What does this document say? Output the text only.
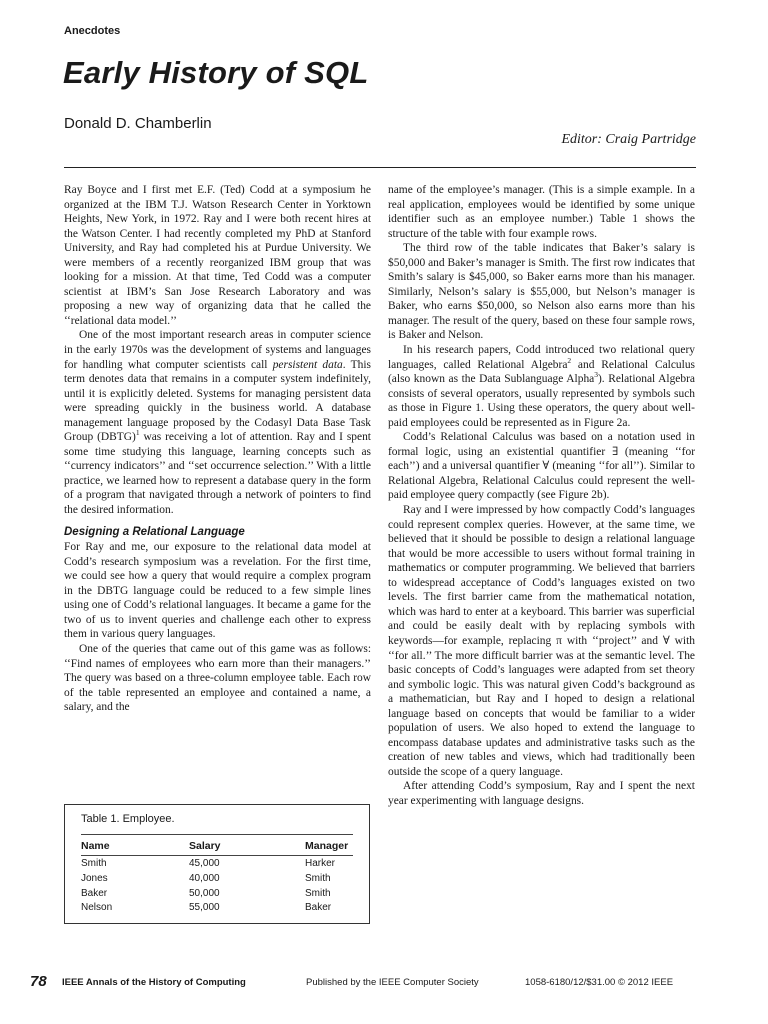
Anecdotes
Early History of SQL
Donald D. Chamberlin
Editor: Craig Partridge

Ray Boyce and I first met E.F. (Ted) Codd at a symposium he organized at the IBM T.J. Watson Research Center in Yorktown Heights, New York, in 1972. Ray and I were both recent hires at the Watson Center. I had recently completed my PhD at Stanford University, and Ray had completed his at Purdue University. We were members of a recently reorganized IBM group that was looking for a mission. At that time, Ted Codd was a computer scientist at IBM’s San Jose Research Laboratory and was proposing a new way of organizing data that he called the ‘‘relational data model.’’

One of the most important research areas in computer science in the early 1970s was the development of systems and languages for handling what computer scientists call persistent data. This term denotes data that remains in a computer system indefinitely, until it is explicitly deleted. Systems for managing persistent data were spreading quickly in the business world. A database management language proposed by the Codasyl Data Base Task Group (DBTG)$^1$ was receiving a lot of attention. Ray and I spent some time studying this language, learning concepts such as ‘‘currency indicators’’ and ‘‘set occurrence selection.’’ With a little practice, we learned how to represent a database query in the form of a program that navigated through a network of pointers to find the desired information.

Designing a Relational Language

For Ray and me, our exposure to the relational data model at Codd’s research symposium was a revelation. For the first time, we could see how a query that would require a complex program in the DBTG language could be reduced to a few simple lines using one of Codd’s relational languages. It became a game for the two of us to invent queries and challenge each other to express them in various query languages.

One of the queries that came out of this game was as follows: ‘‘Find names of employees who earn more than their managers.’’ The query was based on a three-column employee table. Each row of the table represented an employee and contained a name, a salary, and the

name of the employee’s manager. (This is a simple example. In a real application, employees would be identified by some unique identifier such as an employee number.) Table 1 shows the structure of the table with four example rows.

The third row of the table indicates that Baker’s salary is $50,000 and Baker’s manager is Smith. The first row indicates that Smith’s salary is $45,000, so Baker earns more than his manager. Similarly, Nelson’s salary is $55,000, but Nelson’s manager is Baker, who earns $50,000, so Nelson also earns more than his manager. The result of the query, based on these four sample rows, is Baker and Nelson.

In his research papers, Codd introduced two relational query languages, called Relational Algebra$^2$ and Relational Calculus (also known as the Data Sublanguage Alpha$^3$). Relational Algebra consists of several operators, usually represented by symbols such as those in Figure 1. Using these operators, the query about well-paid employees could be represented as in Figure 2a.

Codd’s Relational Calculus was based on a notation used in formal logic, using an existential quantifier ∃ (meaning ‘‘for each’’) and a universal quantifier ∀ (meaning ‘‘for all’’). Similar to Relational Algebra, Relational Calculus could represent the well-paid employee query compactly (see Figure 2b).

Ray and I were impressed by how compactly Codd’s languages could represent complex queries. However, at the same time, we believed that it should be possible to design a relational language that would be more accessible to users without formal training in mathematics or computer programming. We believed that barriers to widespread acceptance of Codd’s languages existed on two levels. The first barrier came from the mathematical notation, which was hard to enter at a keyboard. This barrier was superficial and could be easily dealt with by replacing symbols with keywords—for example, replacing π with ‘‘project’’ and ∀ with ‘‘for all.’’ The more difficult barrier was at the semantic level. The basic concepts of Codd’s languages were adapted from set theory and symbolic logic. This was natural given Codd’s background as a mathematician, but Ray and I hoped to design a relational language based on concepts that would be familiar to a wider population of users. We also hoped to extend the language to encompass database updates and administrative tasks such as the creation of new tables and views, which had traditionally been outside the scope of a query language.

After attending Codd’s symposium, Ray and I spent the next year experimenting with language designs.

Table 1. Employee.
Name	Salary	Manager
Smith	45,000	Harker
Jones	40,000	Smith
Baker	50,000	Smith
Nelson	55,000	Baker
78 IEEE Annals of the History of Computing	Published by the IEEE Computer Society	1058-6180/12/$31.00 © 2012 IEEE
